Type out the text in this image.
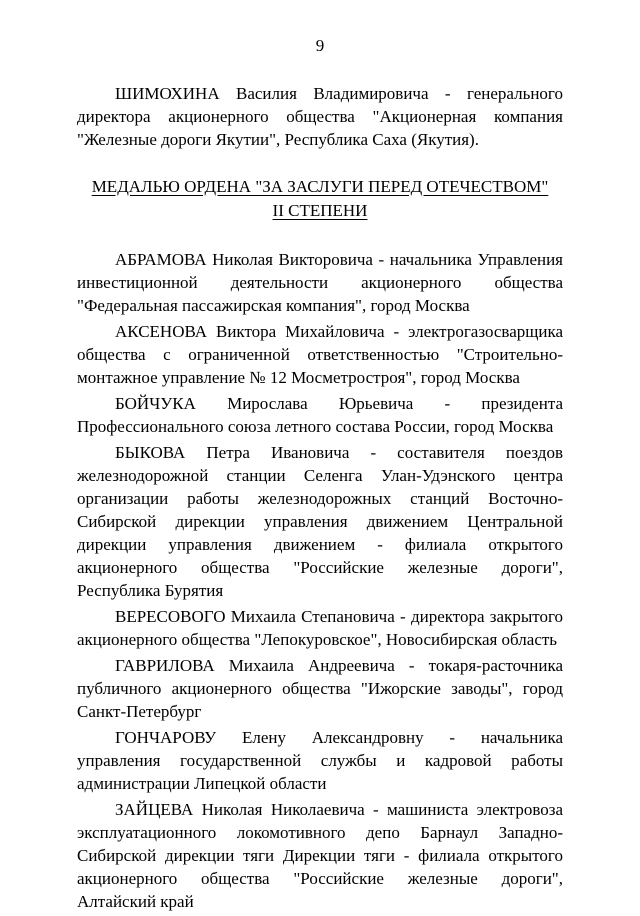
9

ШИМОХИНА Василия Владимировича - генерального директора акционерного общества "Акционерная компания "Железные дороги Якутии", Республика Саха (Якутия).

МЕДАЛЬЮ ОРДЕНА "ЗА ЗАСЛУГИ ПЕРЕД ОТЕЧЕСТВОМ"
II СТЕПЕНИ

АБРАМОВА Николая Викторовича - начальника Управления инвестиционной деятельности акционерного общества "Федеральная пассажирская компания", город Москва

АКСЕНОВА Виктора Михайловича - электрогазосварщика общества с ограниченной ответственностью "Строительно-монтажное управление № 12 Мосметростроя", город Москва

БОЙЧУКА Мирослава Юрьевича - президента Профессионального союза летного состава России, город Москва

БЫКОВА Петра Ивановича - составителя поездов железнодорожной станции Селенга Улан-Удэнского центра организации работы железнодорожных станций Восточно-Сибирской дирекции управления движением Центральной дирекции управления движением - филиала открытого акционерного общества "Российские железные дороги", Республика Бурятия

ВЕРЕСОВОГО Михаила Степановича - директора закрытого акционерного общества "Лепокуровское", Новосибирская область

ГАВРИЛОВА Михаила Андреевича - токаря-расточника публичного акционерного общества "Ижорские заводы", город Санкт-Петербург

ГОНЧАРОВУ Елену Александровну - начальника управления государственной службы и кадровой работы администрации Липецкой области

ЗАЙЦЕВА Николая Николаевича - машиниста электровоза эксплуатационного локомотивного депо Барнаул Западно-Сибирской дирекции тяги Дирекции тяги - филиала открытого акционерного общества "Российские железные дороги", Алтайский край
